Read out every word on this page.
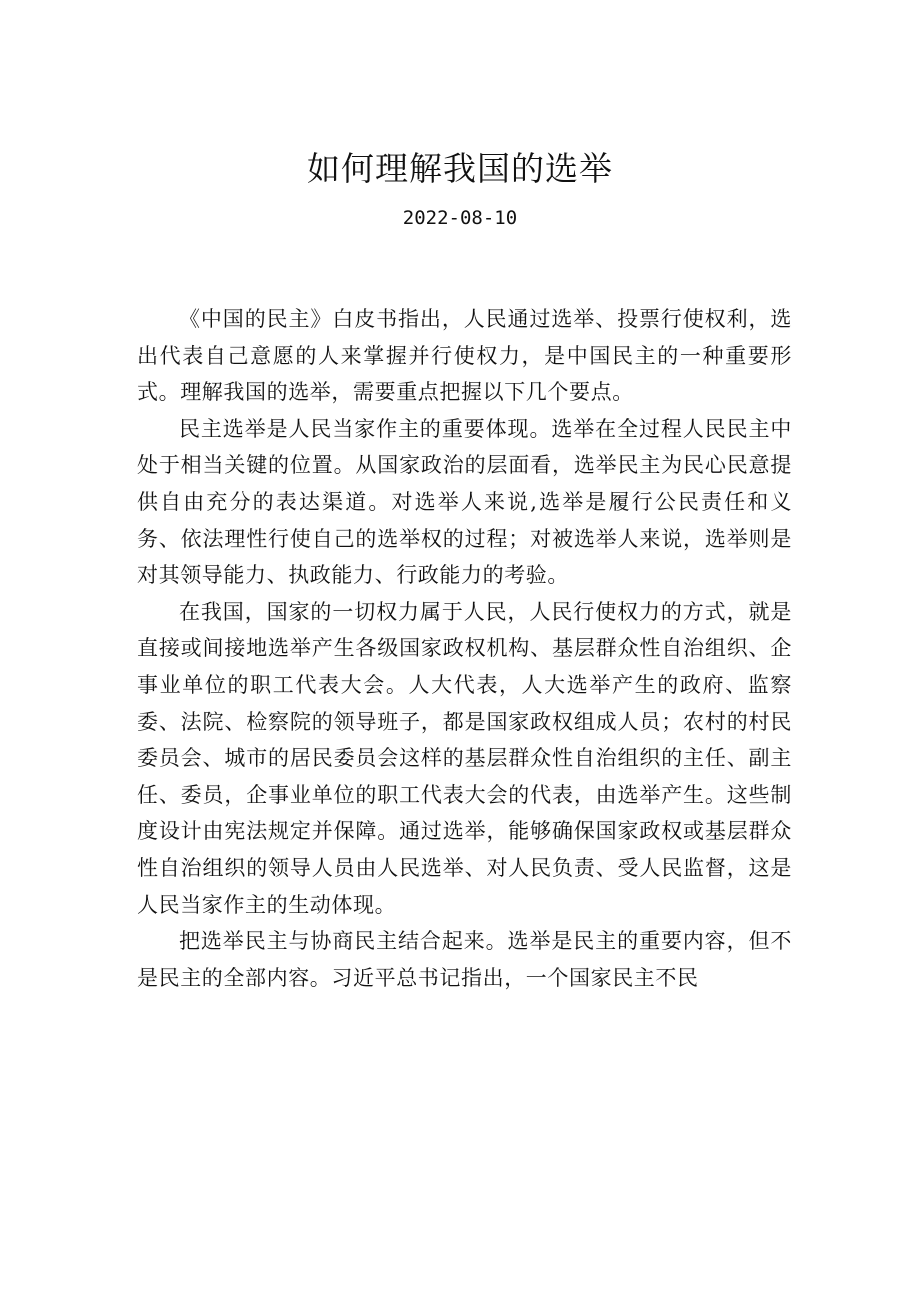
如何理解我国的选举
2022-08-10

《中国的民主》白皮书指出，人民通过选举、投票行使权利，选出代表自己意愿的人来掌握并行使权力，是中国民主的一种重要形式。理解我国的选举，需要重点把握以下几个要点。

民主选举是人民当家作主的重要体现。选举在全过程人民民主中处于相当关键的位置。从国家政治的层面看，选举民主为民心民意提供自由充分的表达渠道。对选举人来说,选举是履行公民责任和义务、依法理性行使自己的选举权的过程；对被选举人来说，选举则是对其领导能力、执政能力、行政能力的考验。

在我国，国家的一切权力属于人民，人民行使权力的方式，就是直接或间接地选举产生各级国家政权机构、基层群众性自治组织、企事业单位的职工代表大会。人大代表，人大选举产生的政府、监察委、法院、检察院的领导班子，都是国家政权组成人员；农村的村民委员会、城市的居民委员会这样的基层群众性自治组织的主任、副主任、委员，企事业单位的职工代表大会的代表，由选举产生。这些制度设计由宪法规定并保障。通过选举，能够确保国家政权或基层群众性自治组织的领导人员由人民选举、对人民负责、受人民监督，这是人民当家作主的生动体现。

把选举民主与协商民主结合起来。选举是民主的重要内容，但不是民主的全部内容。习近平总书记指出，一个国家民主不民
